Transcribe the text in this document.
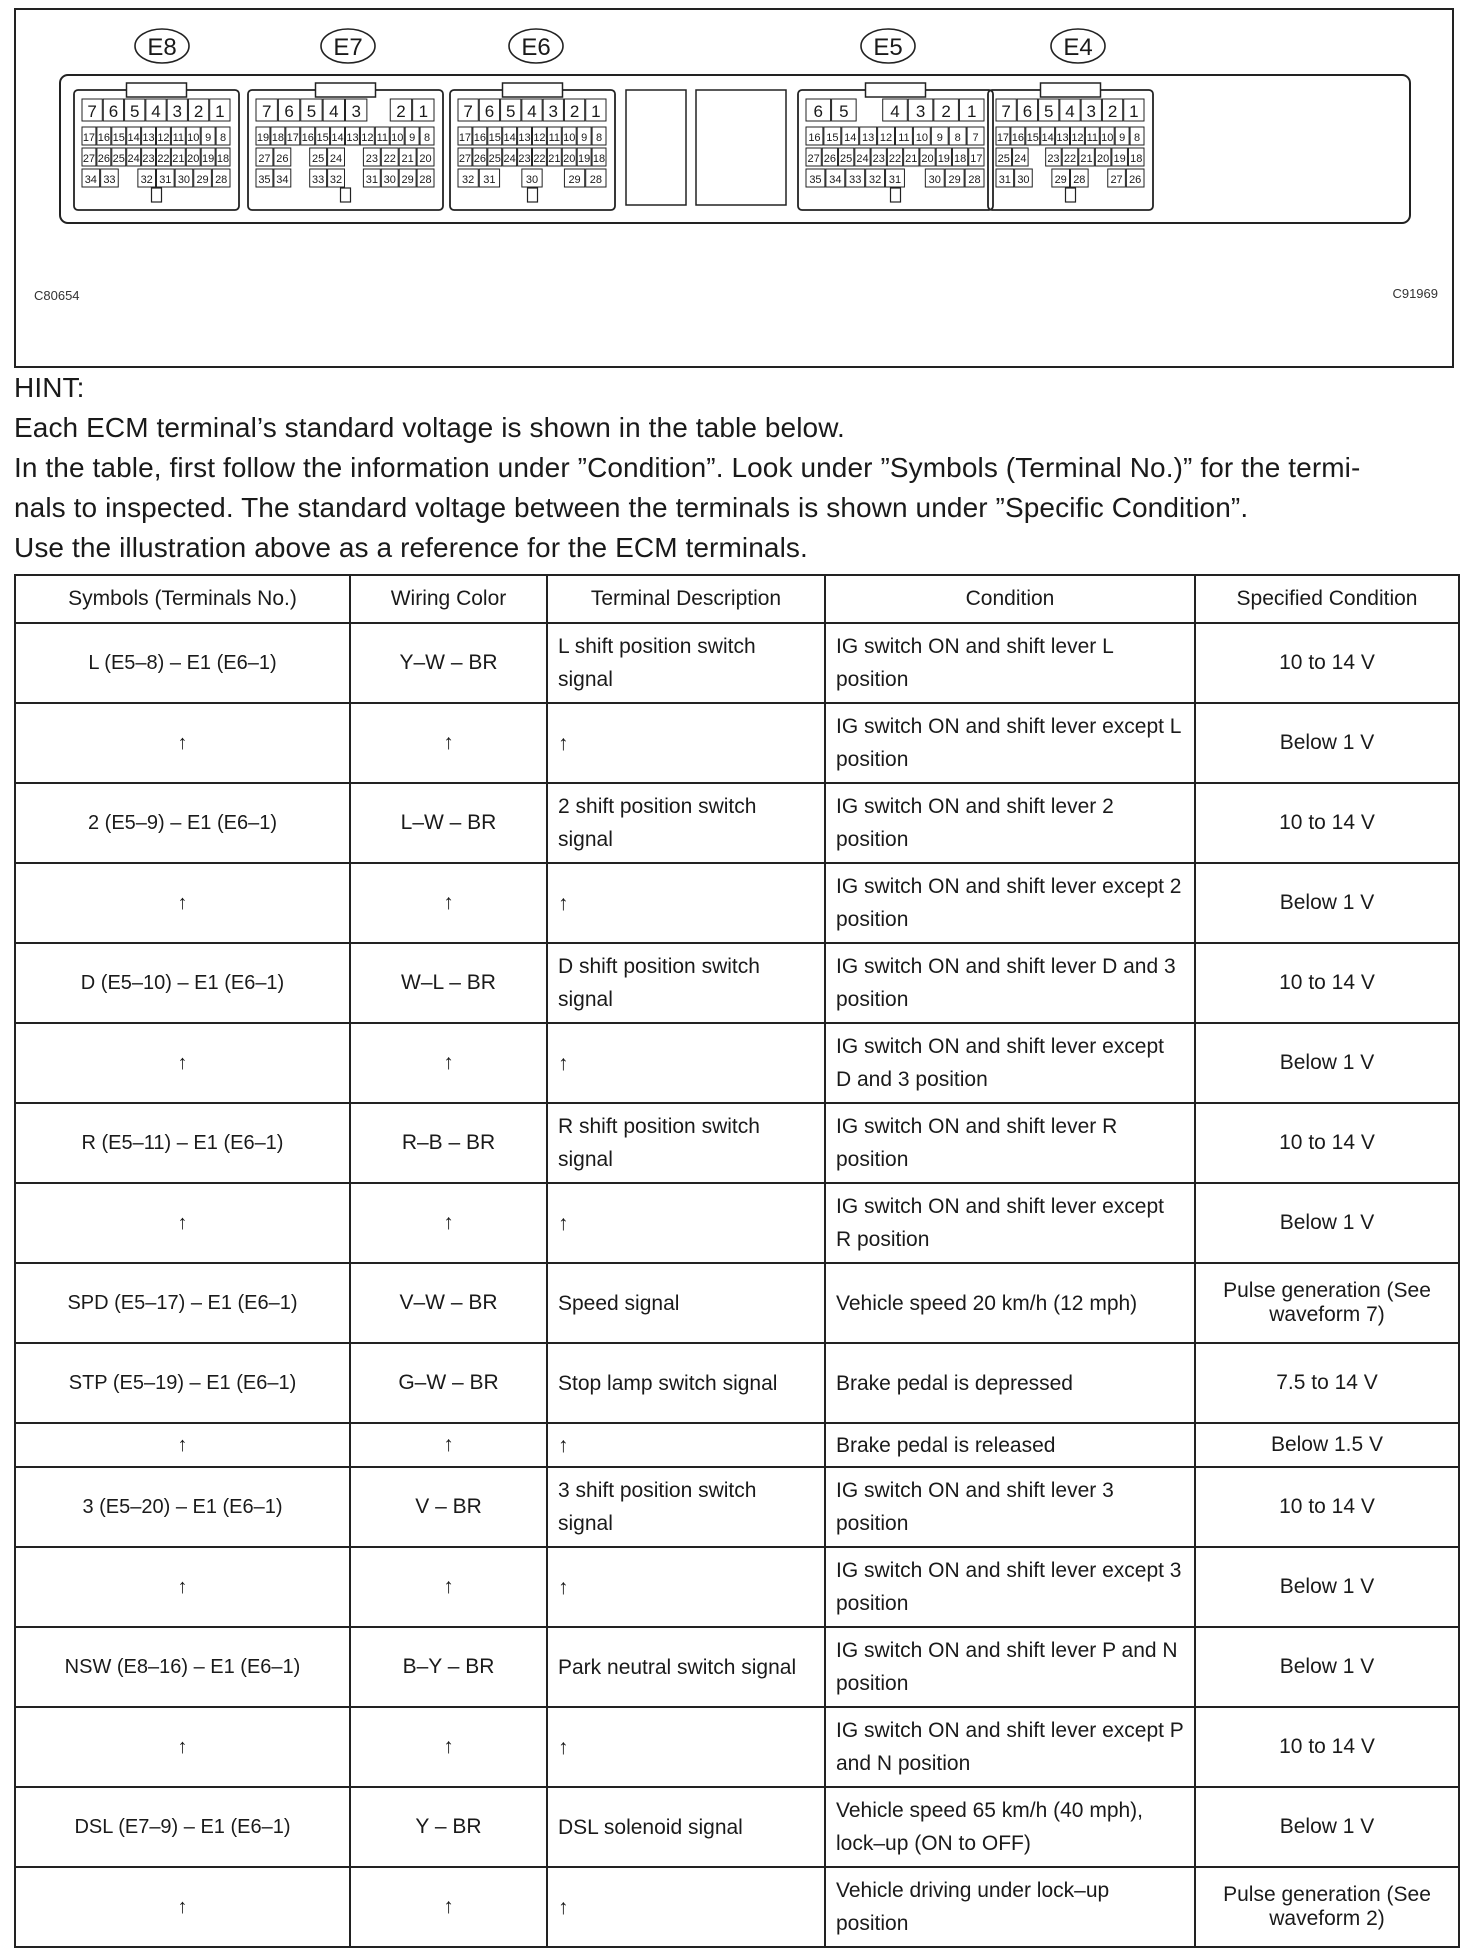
E8
7 6 5 4 3 2 1
17 16 15 14 13 12 11 10 9 8
27 26 25 24 23 22 21 20 19 18
34 33 32 31 30 29 28
E7
7 6 5 4 3 2 1
19 18 17 16 15 14 13 12 11 10 9 8
27 26 25 24 23 22 21 20
35 34 33 32 31 30 29 28
E6
7 6 5 4 3 2 1
17 16 15 14 13 12 11 10 9 8
27 26 25 24 23 22 21 20 19 18
32 31	30	29 28
E5
6 5 4 3 2 1
16 15 14 13 12 11 10 9 8 7
27 26 25 24 23 22 21 20 19 18 17
35 34 33 32 31	30 29 28
E4
7 6 5 4 3 2 1
17 16 15 14 13 12 11 10 9 8
25 24 23 22 21 20 19 18
31 30 29 28 27 26
C80654	C91969

HINT:

Each ECM terminal’s standard voltage is shown in the table below.

In the table, first follow the information under ”Condition”. Look under ”Symbols (Terminal No.)” for the termi-

nals to inspected. The standard voltage between the terminals is shown under ”Specific Condition”.

Use the illustration above as a reference for the ECM terminals.

Symbols (Terminals No.)	Wiring Color	Terminal Description	Condition	Specified Condition
L (E5–8) – E1 (E6–1)	Y–W – BR	L shift position switch signal	IG switch ON and shift lever L position	10 to 14 V
↑	↑	↑	IG switch ON and shift lever except L position	Below 1 V
2 (E5–9) – E1 (E6–1)	L–W – BR	2 shift position switch signal	IG switch ON and shift lever 2 position	10 to 14 V
↑	↑	↑	IG switch ON and shift lever except 2 position	Below 1 V
D (E5–10) – E1 (E6–1)	W–L – BR	D shift position switch signal	IG switch ON and shift lever D and 3 position	10 to 14 V
↑	↑	↑	IG switch ON and shift lever except D and 3 position	Below 1 V
R (E5–11) – E1 (E6–1)	R–B – BR	R shift position switch signal	IG switch ON and shift lever R position	10 to 14 V
↑	↑	↑	IG switch ON and shift lever except R position	Below 1 V
SPD (E5–17) – E1 (E6–1)	V–W – BR	Speed signal	Vehicle speed 20 km/h (12 mph)	Pulse generation (See waveform 7)
STP (E5–19) – E1 (E6–1)	G–W – BR	Stop lamp switch signal	Brake pedal is depressed	7.5 to 14 V
↑	↑	↑	Brake pedal is released	Below 1.5 V
3 (E5–20) – E1 (E6–1)	V – BR	3 shift position switch signal	IG switch ON and shift lever 3 position	10 to 14 V
↑	↑	↑	IG switch ON and shift lever except 3 position	Below 1 V
NSW (E8–16) – E1 (E6–1)	B–Y – BR	Park neutral switch signal	IG switch ON and shift lever P and N position	Below 1 V
↑	↑	↑	IG switch ON and shift lever except P and N position	10 to 14 V
DSL (E7–9) – E1 (E6–1)	Y – BR	DSL solenoid signal	Vehicle speed 65 km/h (40 mph), lock–up (ON to OFF)	Below 1 V
↑	↑	↑	Vehicle driving under lock–up position	Pulse generation (See waveform 2)
